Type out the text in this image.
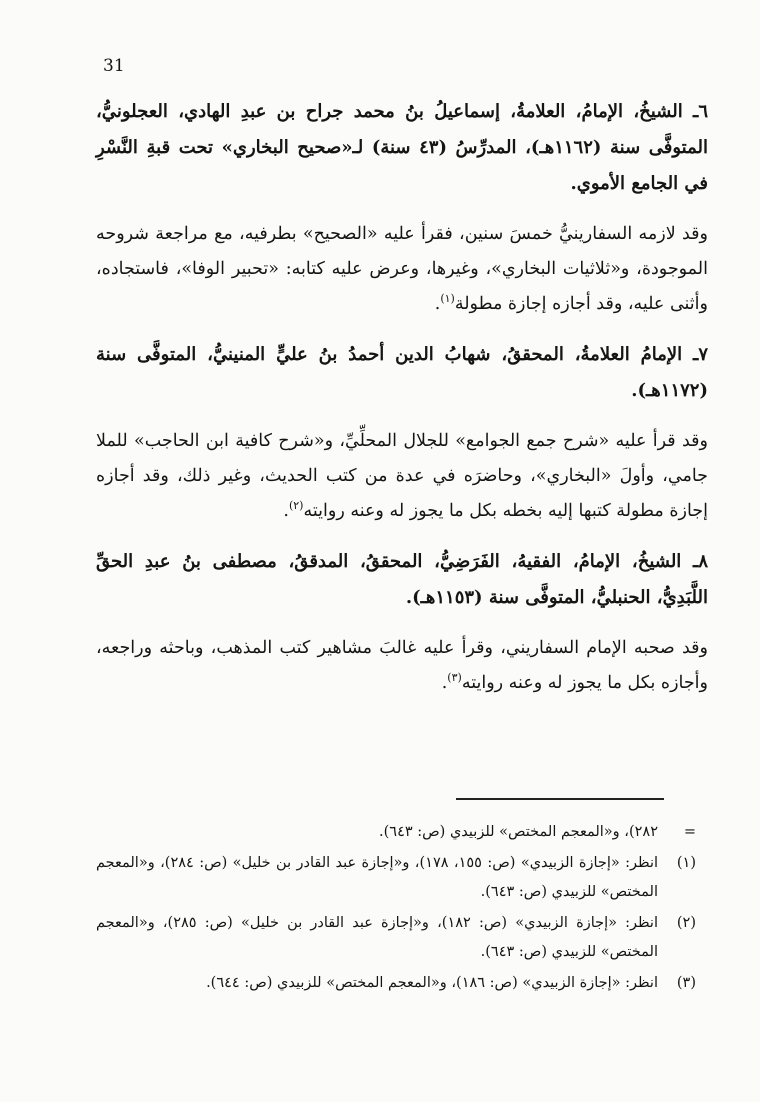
31

٦ـ الشيخُ، الإمامُ، العلامةُ، إسماعيلُ بنُ محمد جراح بن عبدِ الهادي، العجلونيُّ، المتوفَّى سنة (١١٦٢هـ)، المدرِّسُ (٤٣ سنة) لـ«صحيح البخاري» تحت قبةِ النَّسْرِ في الجامع الأموي.

وقد لازمه السفارينيُّ خمسَ سنين، فقرأ عليه «الصحيح» بطرفيه، مع مراجعة شروحه الموجودة، و«ثلاثيات البخاري»، وغيرها، وعرض عليه كتابه: «تحبير الوفا»، فاستجاده، وأثنى عليه، وقد أجازه إجازة مطولة$^{(١)}$.

٧ـ الإمامُ العلامةُ، المحققُ، شهابُ الدين أحمدُ بنُ عليٍّ المنينيُّ، المتوفَّى سنة (١١٧٢هـ).

وقد قرأ عليه «شرح جمع الجوامع» للجلال المحلِّيِّ، و«شرح كافية ابن الحاجب» للملا جامي، وأولَ «البخاري»، وحاضرَه في عدة من كتب الحديث، وغير ذلك، وقد أجازه إجازة مطولة كتبها إليه بخطه بكل ما يجوز له وعنه روايته$^{(٢)}$.

٨ـ الشيخُ، الإمامُ، الفقيهُ، الفَرَضِيُّ، المحققُ، المدققُ، مصطفى بنُ عبدِ الحقِّ اللَّبَدِيُّ، الحنبليُّ، المتوفَّى سنة (١١٥٣هـ).

وقد صحبه الإمام السفاريني، وقرأ عليه غالبَ مشاهير كتب المذهب، وباحثه وراجعه، وأجازه بكل ما يجوز له وعنه روايته$^{(٣)}$.

=
٢٨٢)، و«المعجم المختص» للزبيدي (ص: ٦٤٣).
(١)
انظر: «إجازة الزبيدي» (ص: ١٥٥، ١٧٨)، و«إجازة عبد القادر بن خليل» (ص: ٢٨٤)، و«المعجم المختص» للزبيدي (ص: ٦٤٣).
(٢)
انظر: «إجازة الزبيدي» (ص: ١٨٢)، و«إجازة عبد القادر بن خليل» (ص: ٢٨٥)، و«المعجم المختص» للزبيدي (ص: ٦٤٣).
(٣)
انظر: «إجازة الزبيدي» (ص: ١٨٦)، و«المعجم المختص» للزبيدي (ص: ٦٤٤).
